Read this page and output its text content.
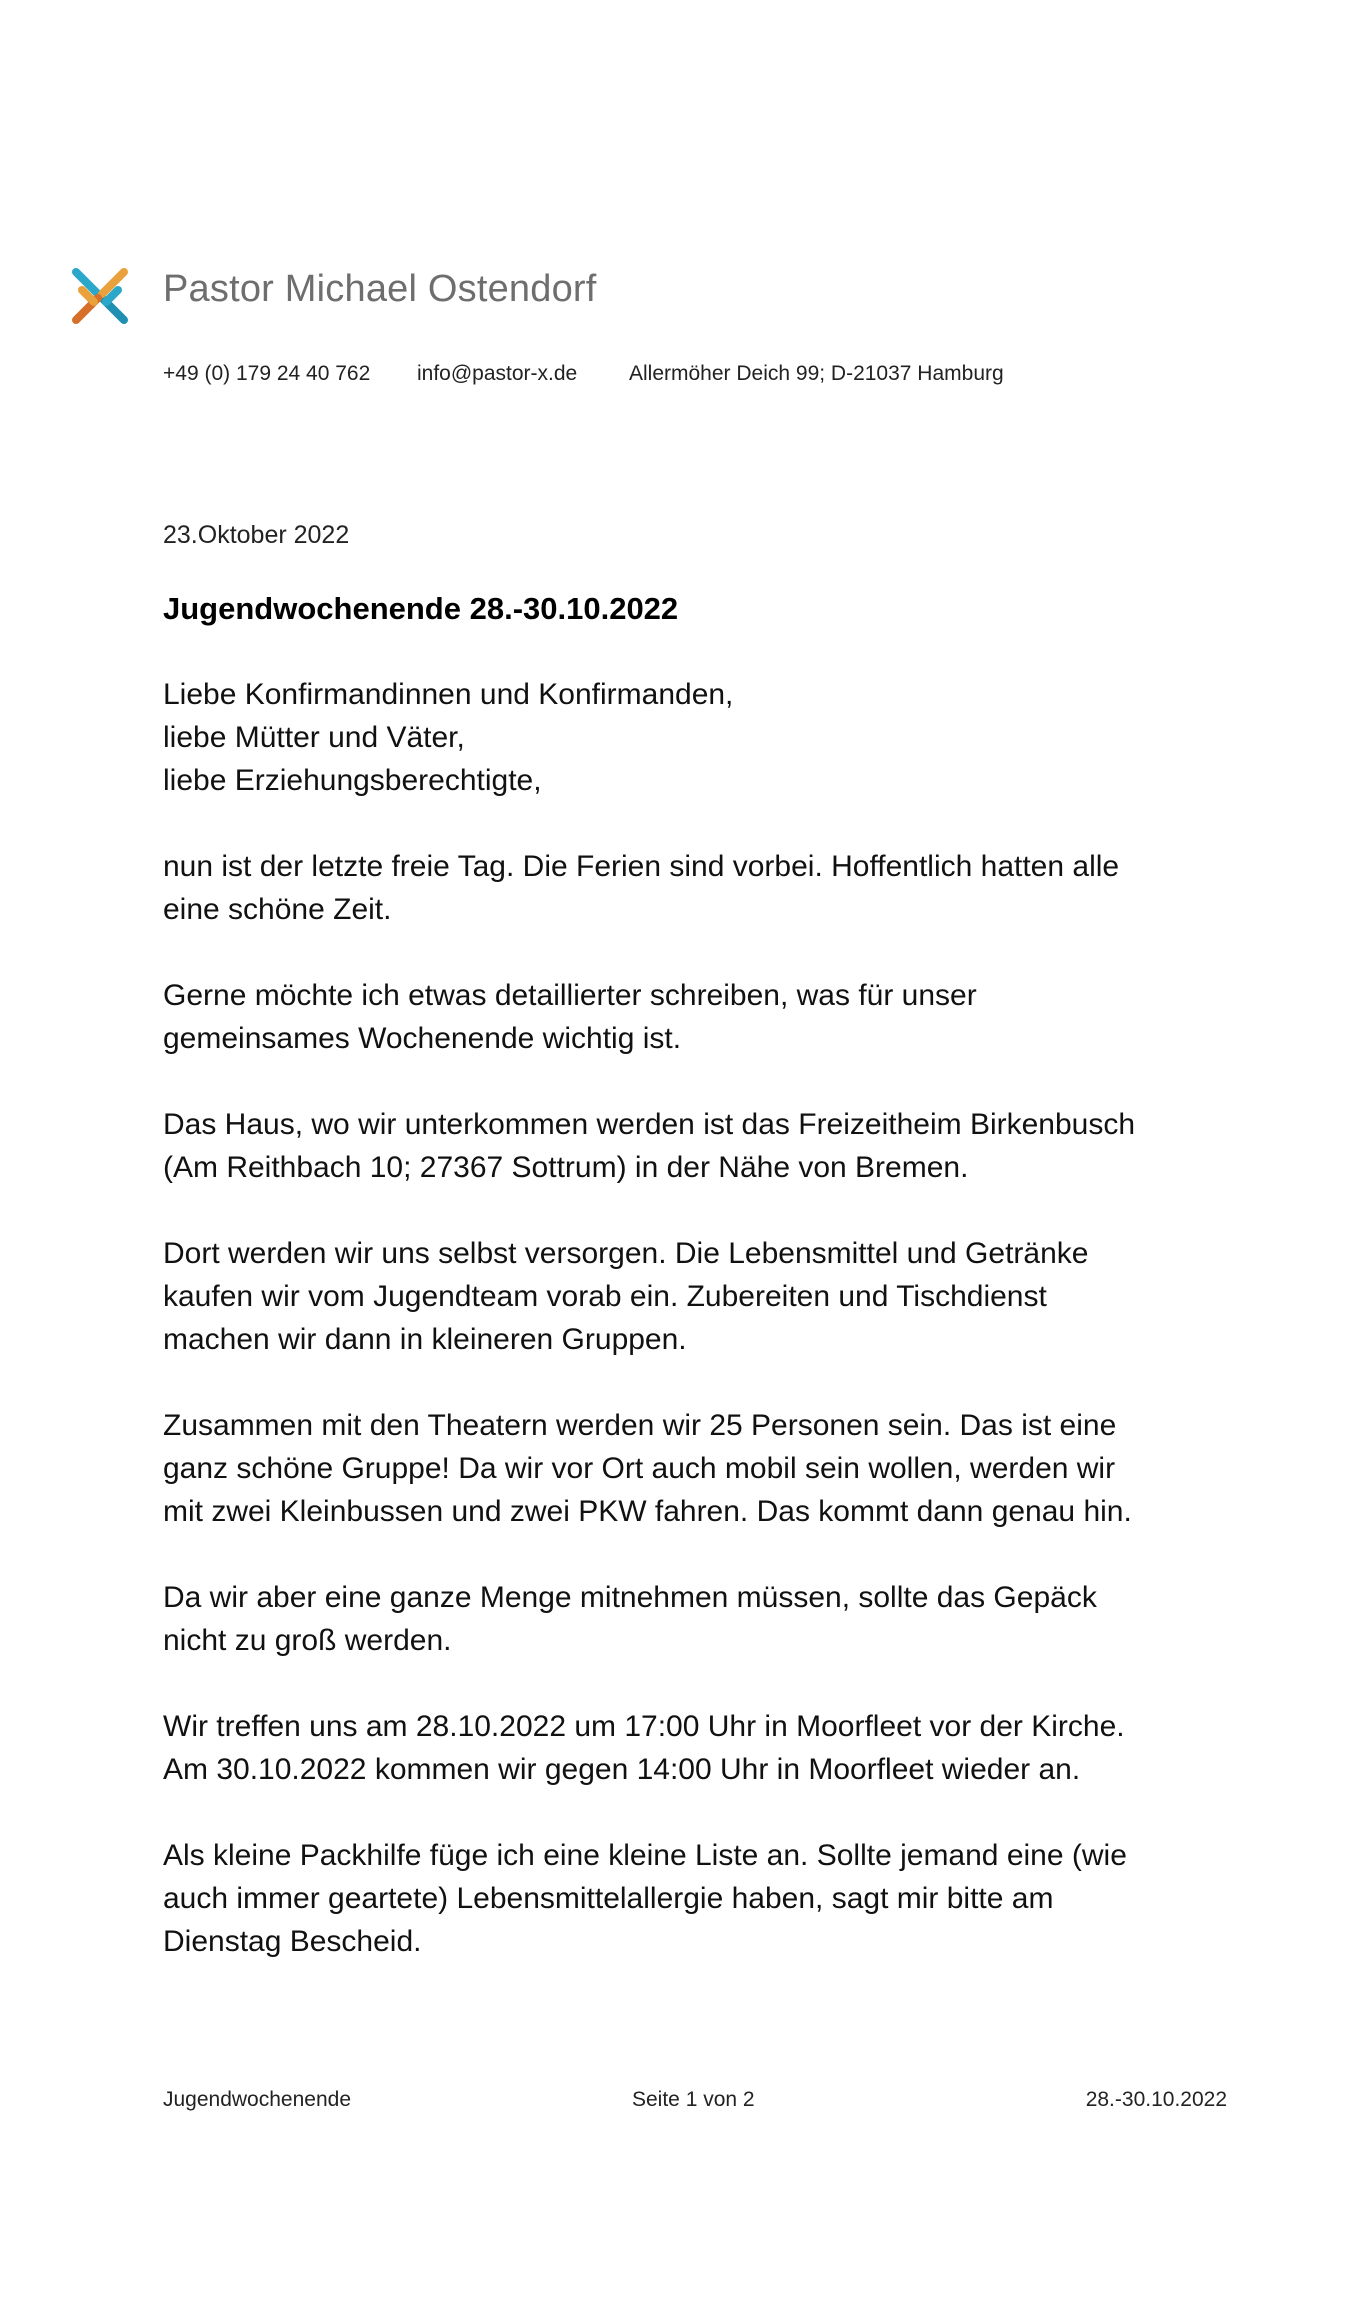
Pastor Michael Ostendorf
+49 (0) 179 24 40 762 info@pastor-x.de Allermöher Deich 99; D-21037 Hamburg
23.Oktober 2022
Jugendwochenende 28.-30.10.2022

Liebe Konfirmandinnen und Konfirmanden,
liebe Mütter und Väter,
liebe Erziehungsberechtigte,

nun ist der letzte freie Tag. Die Ferien sind vorbei. Hoffentlich hatten alle
eine schöne Zeit.

Gerne möchte ich etwas detaillierter schreiben, was für unser
gemeinsames Wochenende wichtig ist.

Das Haus, wo wir unterkommen werden ist das Freizeitheim Birkenbusch
(Am Reithbach 10; 27367 Sottrum) in der Nähe von Bremen.

Dort werden wir uns selbst versorgen. Die Lebensmittel und Getränke
kaufen wir vom Jugendteam vorab ein. Zubereiten und Tischdienst
machen wir dann in kleineren Gruppen.

Zusammen mit den Theatern werden wir 25 Personen sein. Das ist eine
ganz schöne Gruppe! Da wir vor Ort auch mobil sein wollen, werden wir
mit zwei Kleinbussen und zwei PKW fahren. Das kommt dann genau hin.

Da wir aber eine ganze Menge mitnehmen müssen, sollte das Gepäck
nicht zu groß werden.

Wir treffen uns am 28.10.2022 um 17:00 Uhr in Moorfleet vor der Kirche.
Am 30.10.2022 kommen wir gegen 14:00 Uhr in Moorfleet wieder an.

Als kleine Packhilfe füge ich eine kleine Liste an. Sollte jemand eine (wie
auch immer geartete) Lebensmittelallergie haben, sagt mir bitte am
Dienstag Bescheid.

Jugendwochenende	Seite 1 von 2	28.-30.10.2022
